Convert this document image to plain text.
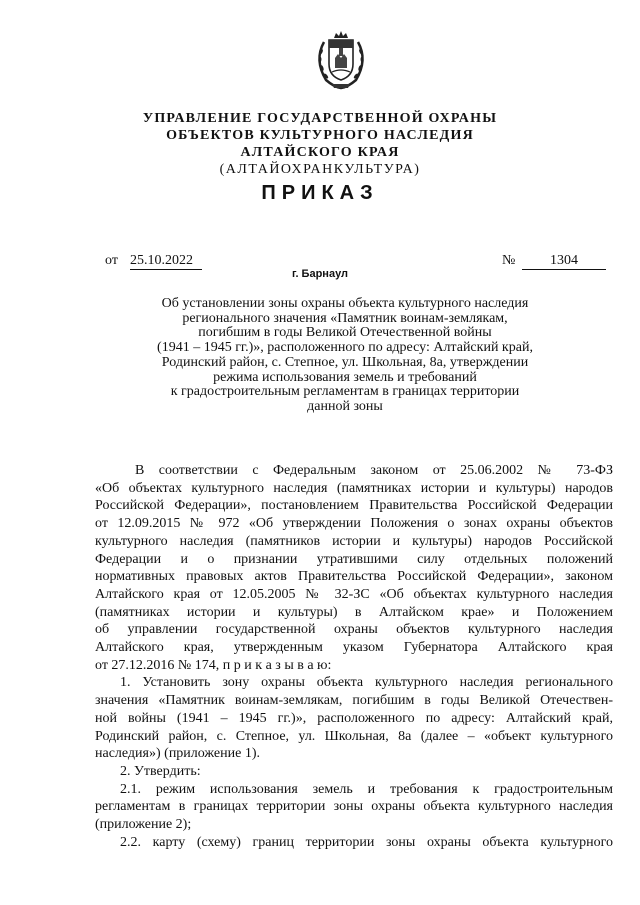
УПРАВЛЕНИЕ ГОСУДАРСТВЕННОЙ ОХРАНЫ
ОБЪЕКТОВ КУЛЬТУРНОГО НАСЛЕДИЯ
АЛТАЙСКОГО КРАЯ
(АЛТАЙОХРАНКУЛЬТУРА)
ПРИКАЗ
от 25.10.2022	№	1304
г. Барнаул
Об установлении зоны охраны объекта культурного наследия
регионального значения «Памятник воинам-землякам,
погибшим в годы Великой Отечественной войны
(1941 – 1945 гг.)», расположенного по адресу: Алтайский край,
Родинский район, с. Степное, ул. Школьная, 8а, утверждении
режима использования земель и требований
к градостроительным регламентам в границах территории
данной зоны
В соответствии с Федеральным законом от 25.06.2002 № 73-ФЗ
«Об объектах культурного наследия (памятниках истории и культуры) народов
Российской Федерации», постановлением Правительства Российской Федерации
от 12.09.2015 № 972 «Об утверждении Положения о зонах охраны объектов
культурного наследия (памятников истории и культуры) народов Российской
Федерации и о признании утратившими силу отдельных положений
нормативных правовых актов Правительства Российской Федерации», законом
Алтайского края от 12.05.2005 № 32-ЗС «Об объектах культурного наследия
(памятниках истории и культуры) в Алтайском крае» и Положением
об управлении государственной охраны объектов культурного наследия
Алтайского края, утвержденным указом Губернатора Алтайского края
от 27.12.2016 № 174, п р и к а з ы в а ю:
1. Установить зону охраны объекта культурного наследия регионального
значения «Памятник воинам-землякам, погибшим в годы Великой Отечествен-
ной войны (1941 – 1945 гг.)», расположенного по адресу: Алтайский край,
Родинский район, с. Степное, ул. Школьная, 8а (далее – «объект культурного
наследия») (приложение 1).
2. Утвердить:
2.1. режим использования земель и требования к градостроительным
регламентам в границах территории зоны охраны объекта культурного наследия
(приложение 2);
2.2. карту (схему) границ территории зоны охраны объекта культурного
